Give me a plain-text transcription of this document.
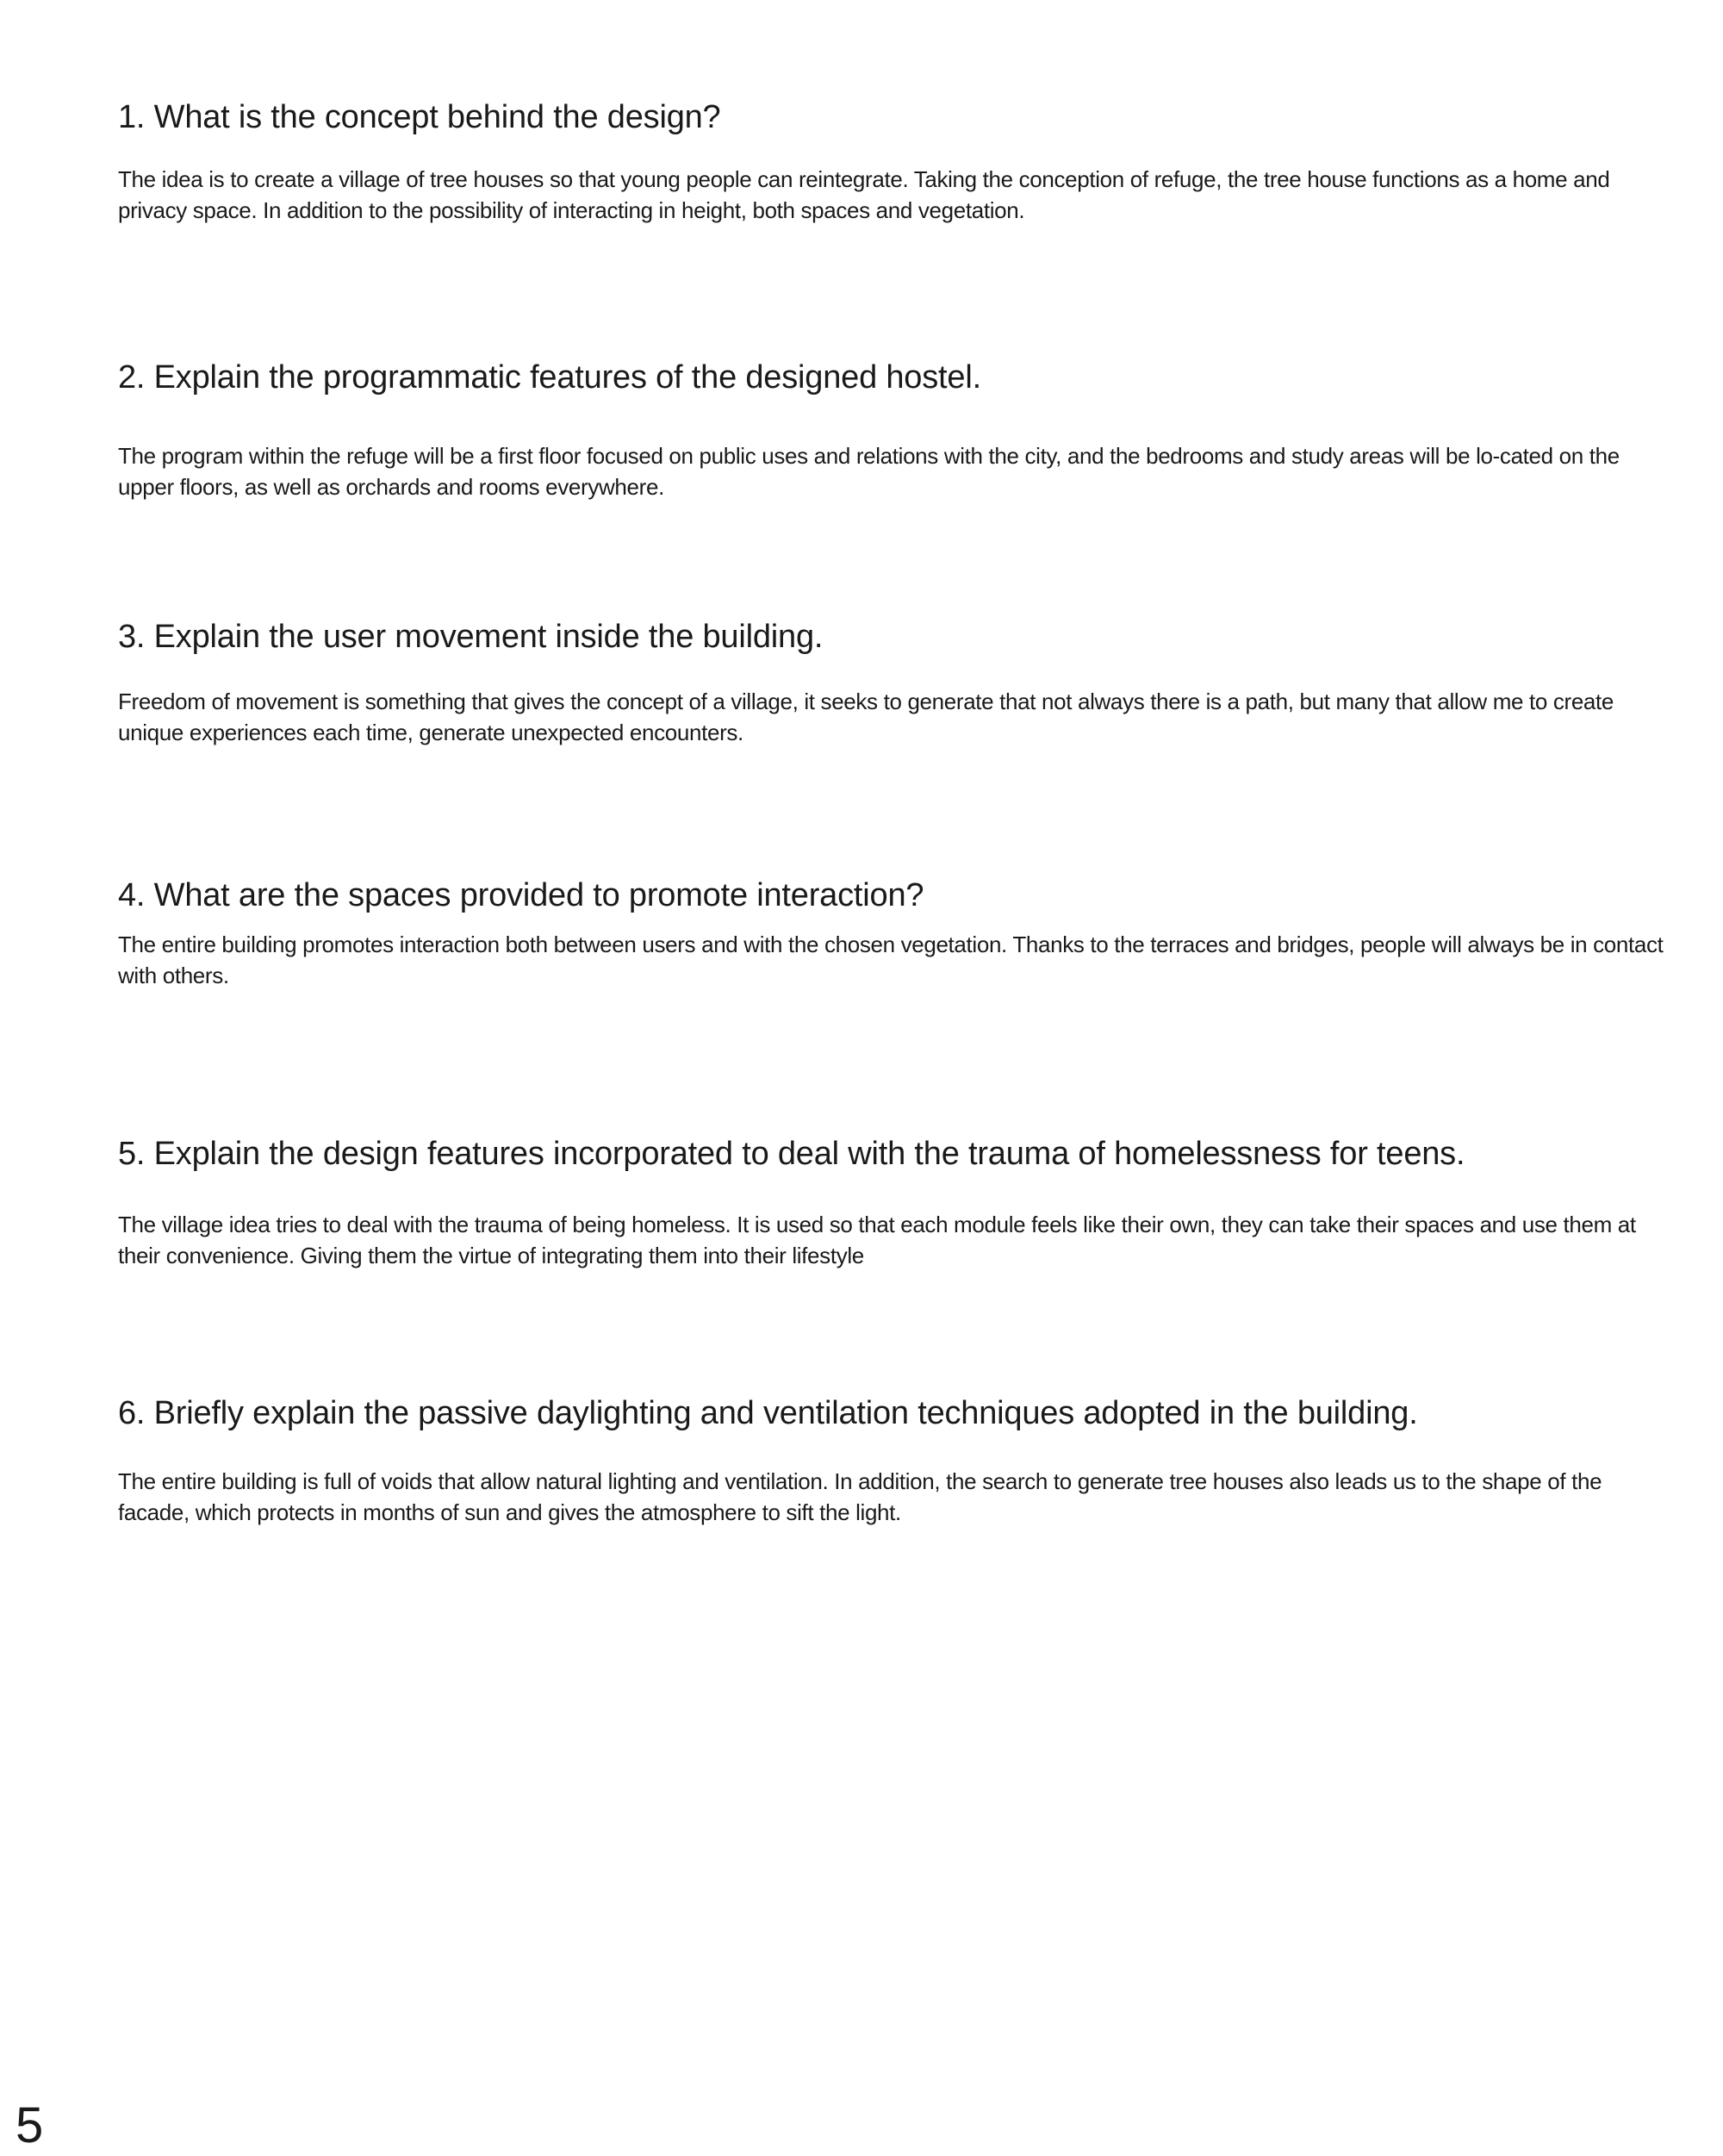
1. What is the concept behind the design?

The idea is to create a village of tree houses so that young people can reintegrate. Taking the conception of refuge, the tree house functions as a home and privacy space. In addition to the possibility of interacting in height, both spaces and vegetation.

2. Explain the programmatic features of the designed hostel.

The program within the refuge will be a first floor focused on public uses and relations with the city, and the bedrooms and study areas will be lo-cated on the upper floors, as well as orchards and rooms everywhere.

3. Explain the user movement inside the building.

Freedom of movement is something that gives the concept of a village, it seeks to generate that not always there is a path, but many that allow me to create unique experiences each time, generate unexpected encounters.

4. What are the spaces provided to promote interaction?

The entire building promotes interaction both between users and with the chosen vegetation. Thanks to the terraces and bridges, people will always be in contact with others.

5. Explain the design features incorporated to deal with the trauma of homelessness for teens.

The village idea tries to deal with the trauma of being homeless. It is used so that each module feels like their own, they can take their spaces and use them at their convenience. Giving them the virtue of integrating them into their lifestyle

6. Briefly explain the passive daylighting and ventilation techniques adopted in the building.

The entire building is full of voids that allow natural lighting and ventilation. In addition, the search to generate tree houses also leads us to the shape of the facade, which protects in months of sun and gives the atmosphere to sift the light.

5
